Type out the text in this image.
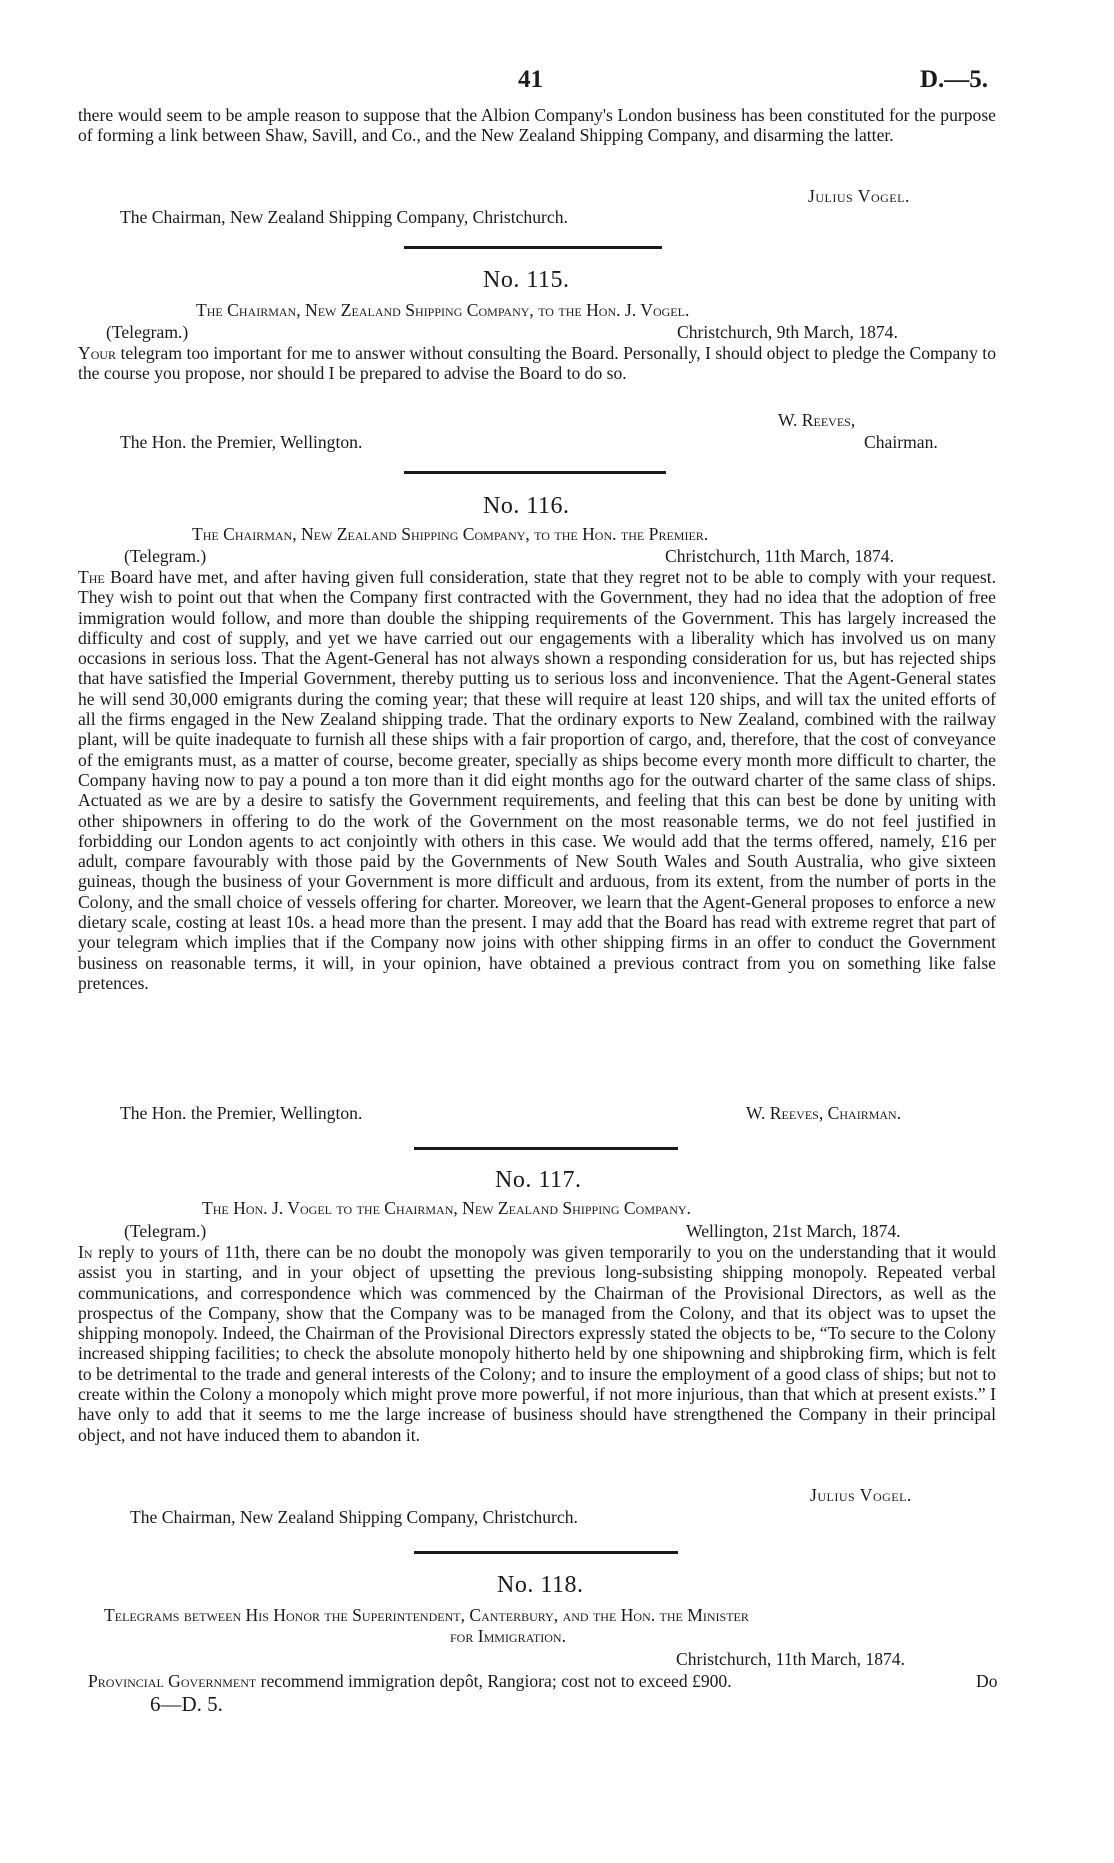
41	D.—5.
there would seem to be ample reason to suppose that the Albion Company's London business has been constituted for the purpose of forming a link between Shaw, Savill, and Co., and the New Zealand Shipping Company, and disarming the latter.
Julius Vogel.
The Chairman, New Zealand Shipping Company, Christchurch.
No. 115.
The Chairman, New Zealand Shipping Company, to the Hon. J. Vogel.
(Telegram.)	Christchurch, 9th March, 1874.
Your telegram too important for me to answer without consulting the Board. Personally, I should object to pledge the Company to the course you propose, nor should I be prepared to advise the Board to do so.
W. Reeves,
The Hon. the Premier, Wellington.	Chairman.
No. 116.
The Chairman, New Zealand Shipping Company, to the Hon. the Premier.
(Telegram.)	Christchurch, 11th March, 1874.
The Board have met, and after having given full consideration, state that they regret not to be able to comply with your request. They wish to point out that when the Company first contracted with the Government, they had no idea that the adoption of free immigration would follow, and more than double the shipping requirements of the Government. This has largely increased the difficulty and cost of supply, and yet we have carried out our engagements with a liberality which has involved us on many occasions in serious loss. That the Agent-General has not always shown a responding consideration for us, but has rejected ships that have satisfied the Imperial Government, thereby putting us to serious loss and inconvenience. That the Agent-General states he will send 30,000 emigrants during the coming year; that these will require at least 120 ships, and will tax the united efforts of all the firms engaged in the New Zealand shipping trade. That the ordinary exports to New Zealand, combined with the railway plant, will be quite inadequate to furnish all these ships with a fair proportion of cargo, and, therefore, that the cost of conveyance of the emigrants must, as a matter of course, become greater, specially as ships become every month more difficult to charter, the Company having now to pay a pound a ton more than it did eight months ago for the outward charter of the same class of ships. Actuated as we are by a desire to satisfy the Government requirements, and feeling that this can best be done by uniting with other shipowners in offering to do the work of the Government on the most reasonable terms, we do not feel justified in forbidding our London agents to act conjointly with others in this case. We would add that the terms offered, namely, £16 per adult, compare favourably with those paid by the Governments of New South Wales and South Australia, who give sixteen guineas, though the business of your Government is more difficult and arduous, from its extent, from the number of ports in the Colony, and the small choice of vessels offering for charter. Moreover, we learn that the Agent-General proposes to enforce a new dietary scale, costing at least 10s. a head more than the present. I may add that the Board has read with extreme regret that part of your telegram which implies that if the Company now joins with other shipping firms in an offer to conduct the Government business on reasonable terms, it will, in your opinion, have obtained a previous contract from you on something like false pretences.
The Hon. the Premier, Wellington.	W. Reeves, Chairman.
No. 117.
The Hon. J. Vogel to the Chairman, New Zealand Shipping Company.
(Telegram.)	Wellington, 21st March, 1874.
In reply to yours of 11th, there can be no doubt the monopoly was given temporarily to you on the understanding that it would assist you in starting, and in your object of upsetting the previous long-subsisting shipping monopoly. Repeated verbal communications, and correspondence which was commenced by the Chairman of the Provisional Directors, as well as the prospectus of the Company, show that the Company was to be managed from the Colony, and that its object was to upset the shipping monopoly. Indeed, the Chairman of the Provisional Directors expressly stated the objects to be, “To secure to the Colony increased shipping facilities; to check the absolute monopoly hitherto held by one shipowning and shipbroking firm, which is felt to be detrimental to the trade and general interests of the Colony; and to insure the employment of a good class of ships; but not to create within the Colony a monopoly which might prove more powerful, if not more injurious, than that which at present exists.” I have only to add that it seems to me the large increase of business should have strengthened the Company in their principal object, and not have induced them to abandon it.
Julius Vogel.
The Chairman, New Zealand Shipping Company, Christchurch.
No. 118.
Telegrams between His Honor the Superintendent, Canterbury, and the Hon. the Minister
for Immigration.
Christchurch, 11th March, 1874.
Provincial Government recommend immigration depôt, Rangiora; cost not to exceed £900.	Do
6—D. 5.
